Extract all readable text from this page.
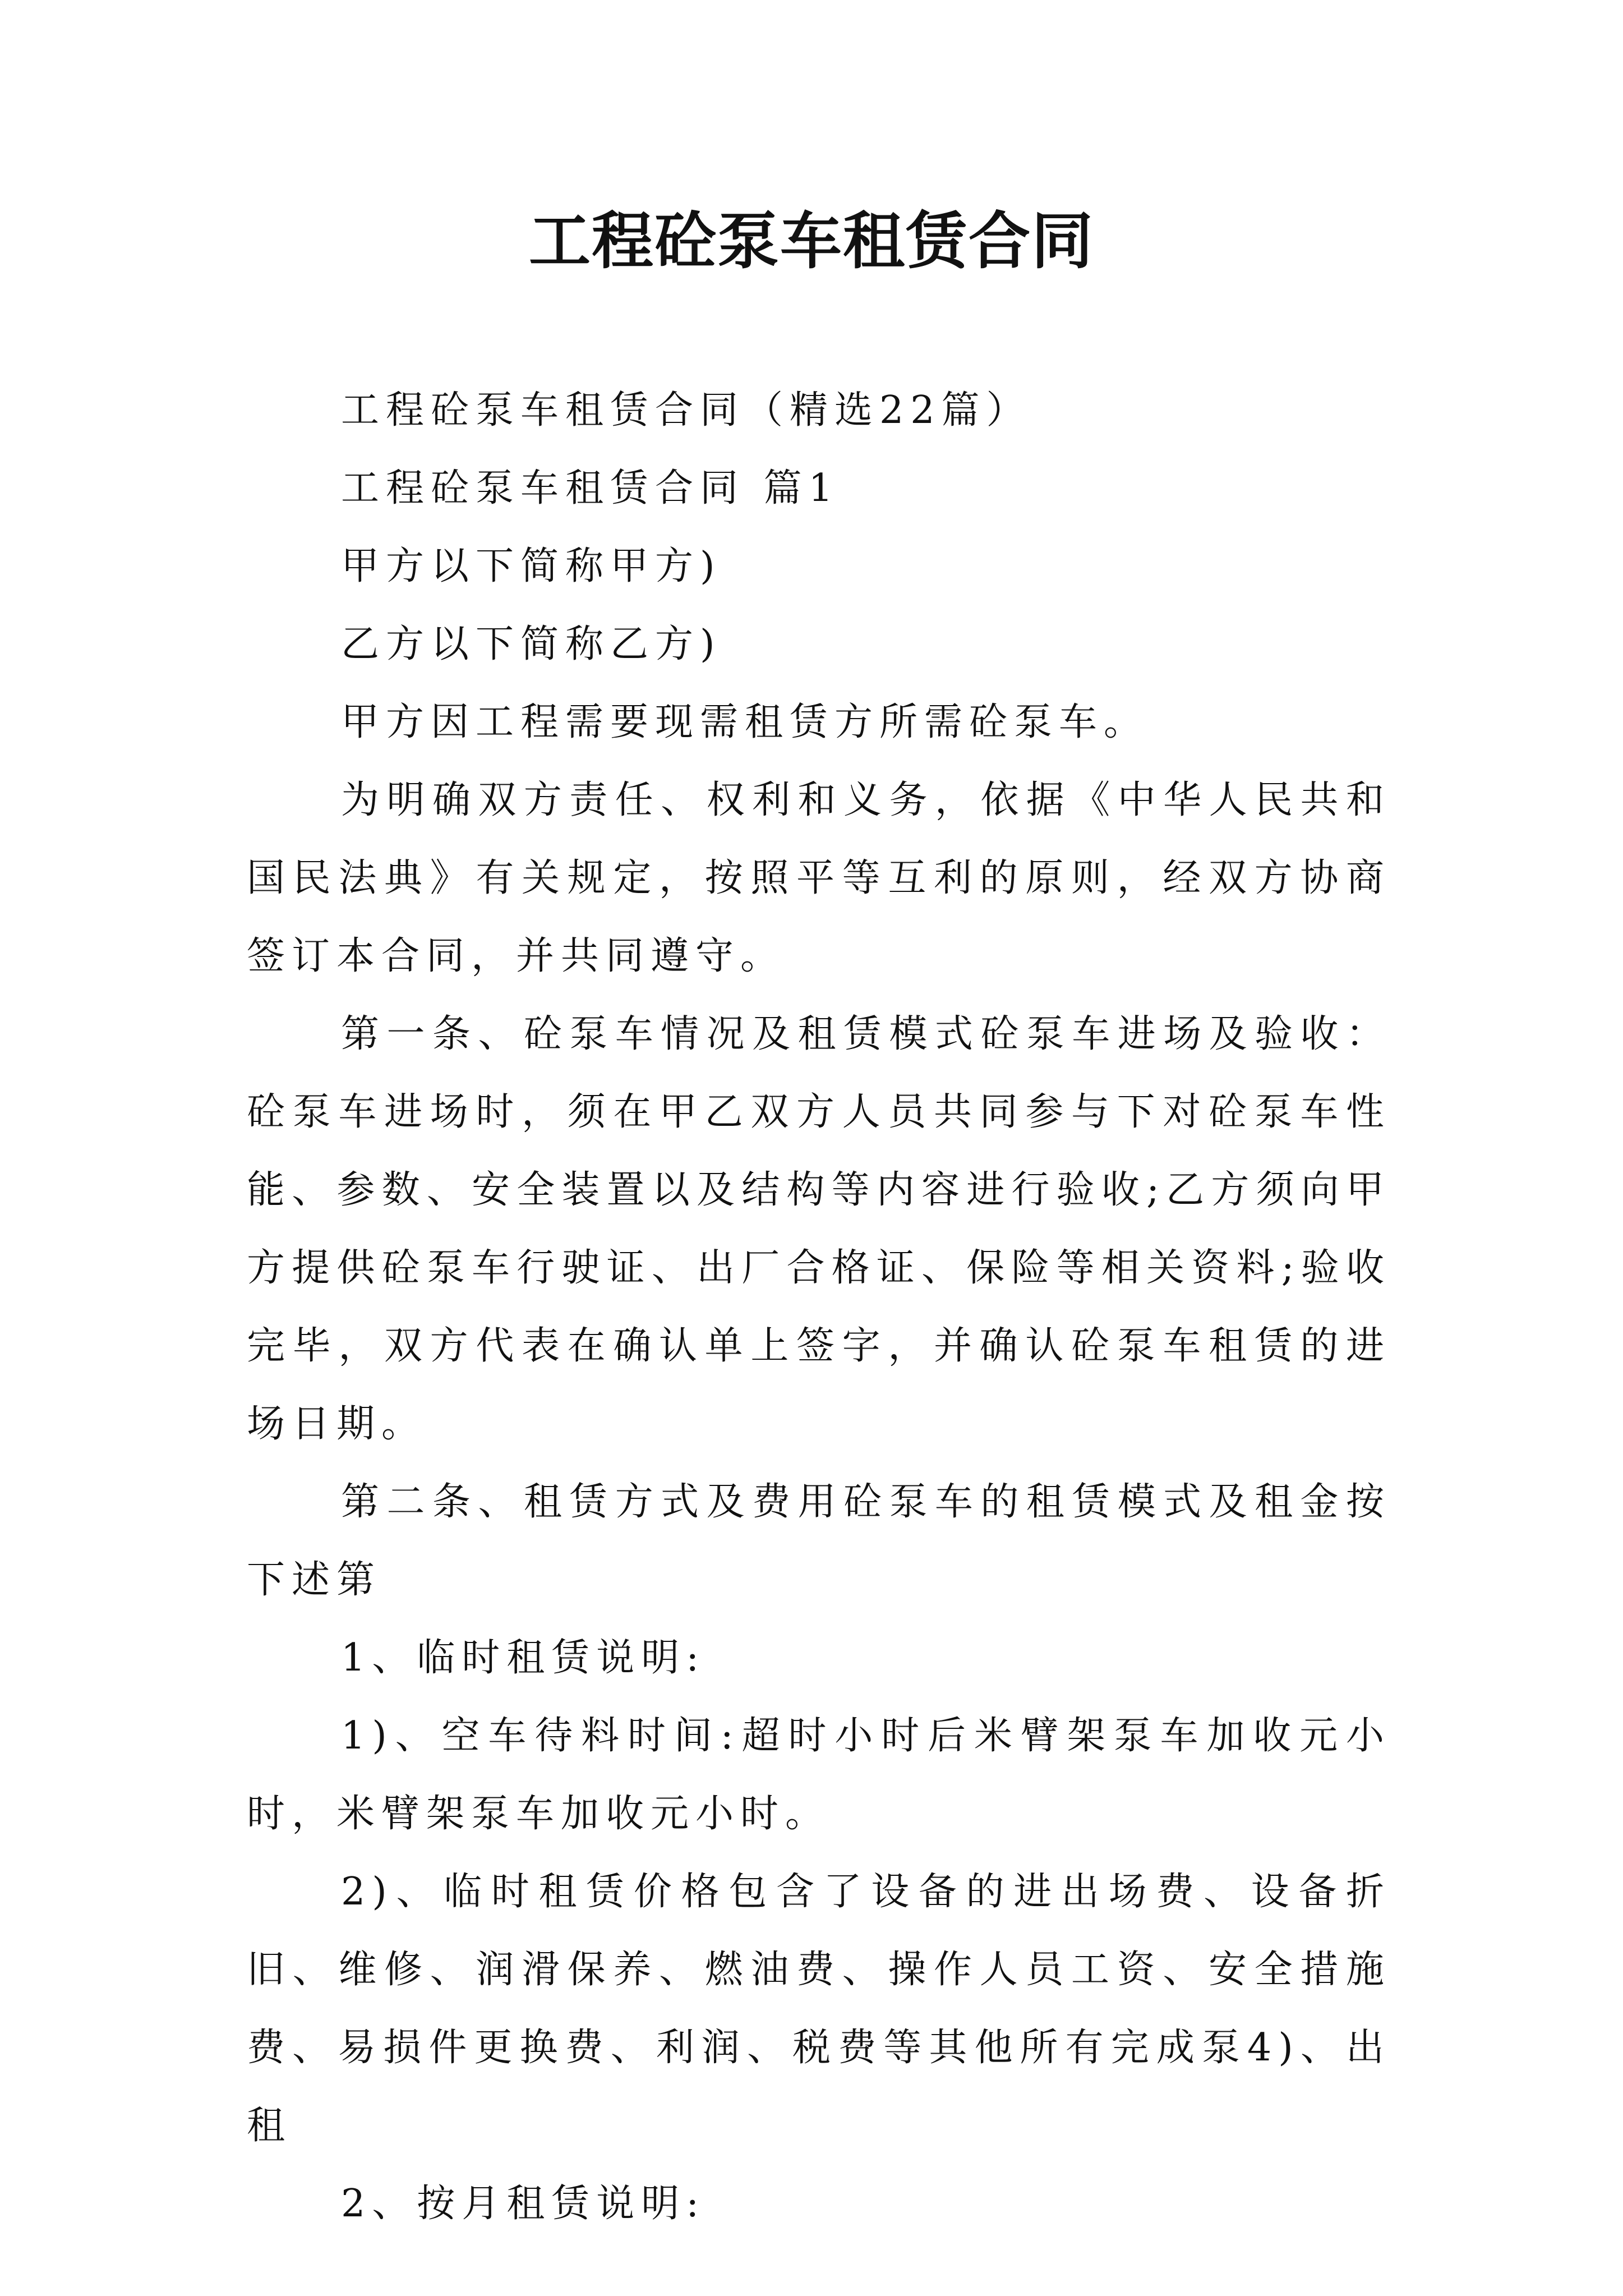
工程砼泵车租赁合同

工程砼泵车租赁合同（精选22篇）

工程砼泵车租赁合同 篇1

甲方以下简称甲方)

乙方以下简称乙方)

甲方因工程需要现需租赁方所需砼泵车。

为明确双方责任、权利和义务，依据《中华人民共和国民法典》有关规定，按照平等互利的原则，经双方协商签订本合同，并共同遵守。

第一条、砼泵车情况及租赁模式砼泵车进场及验收：砼泵车进场时，须在甲乙双方人员共同参与下对砼泵车性能、参数、安全装置以及结构等内容进行验收;乙方须向甲方提供砼泵车行驶证、出厂合格证、保险等相关资料;验收完毕，双方代表在确认单上签字，并确认砼泵车租赁的进场日期。

第二条、租赁方式及费用砼泵车的租赁模式及租金按下述第

1、临时租赁说明:

1)、空车待料时间:超时小时后米臂架泵车加收元小时，米臂架泵车加收元小时。

2)、临时租赁价格包含了设备的进出场费、设备折旧、维修、润滑保养、燃油费、操作人员工资、安全措施费、易损件更换费、利润、税费等其他所有完成泵4)、出租

2、按月租赁说明:
